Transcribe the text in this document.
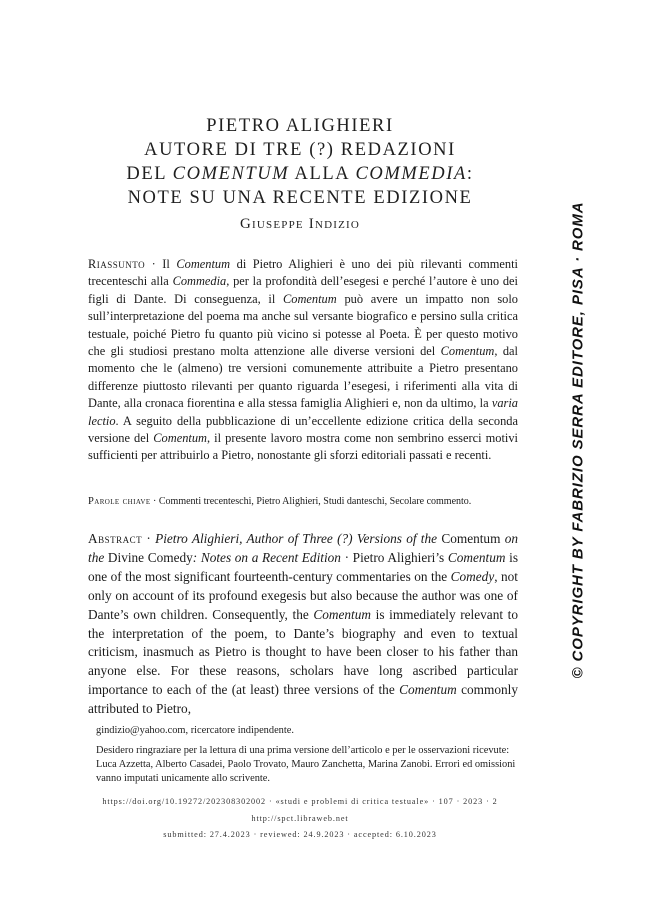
PIETRO ALIGHIERI
AUTORE DI TRE (?) REDAZIONI
DEL COMENTUM ALLA COMMEDIA:
NOTE SU UNA RECENTE EDIZIONE
Giuseppe Indizio
Riassunto · Il Comentum di Pietro Alighieri è uno dei più rilevanti commenti trecenteschi alla Commedia, per la profondità dell’esegesi e perché l’autore è uno dei figli di Dante. Di conseguenza, il Comentum può avere un impatto non solo sull’interpretazione del poema ma anche sul versante biografico e persino sulla critica testuale, poiché Pietro fu quanto più vicino si potesse al Poeta. È per questo motivo che gli studiosi prestano molta attenzione alle diverse versioni del Comentum, dal momento che le (almeno) tre versioni comunemente attribuite a Pietro presentano differenze piuttosto rilevanti per quanto riguarda l’esegesi, i riferimenti alla vita di Dante, alla cronaca fiorentina e alla stessa famiglia Alighieri e, non da ultimo, la varia lectio. A seguito della pubblicazione di un’eccellente edizione critica della seconda versione del Comentum, il presente lavoro mostra come non sembrino esserci motivi sufficienti per attribuirlo a Pietro, nonostante gli sforzi editoriali passati e recenti.
Parole chiave · Commenti trecenteschi, Pietro Alighieri, Studi danteschi, Secolare commento.
Abstract · Pietro Alighieri, Author of Three (?) Versions of the Comentum on the Divine Comedy: Notes on a Recent Edition · Pietro Alighieri’s Comentum is one of the most significant fourteenth-century commentaries on the Comedy, not only on account of its profound exegesis but also because the author was one of Dante’s own children. Consequently, the Comentum is immediately relevant to the interpretation of the poem, to Dante’s biography and even to textual criticism, inasmuch as Pietro is thought to have been closer to his father than anyone else. For these reasons, scholars have long ascribed particular importance to each of the (at least) three versions of the Comentum commonly attributed to Pietro,
gindizio@yahoo.com, ricercatore indipendente.
Desidero ringraziare per la lettura di una prima versione dell’articolo e per le osservazioni ricevute: Luca Azzetta, Alberto Casadei, Paolo Trovato, Mauro Zanchetta, Marina Zanobi. Errori ed omissioni vanno imputati unicamente allo scrivente.
https://doi.org/10.19272/202308302002 · «studi e problemi di critica testuale» · 107 · 2023 · 2
http://spct.libraweb.net
submitted: 27.4.2023 · reviewed: 24.9.2023 · accepted: 6.10.2023
© COPYRIGHT BY FABRIZIO SERRA EDITORE, PISA · ROMA
